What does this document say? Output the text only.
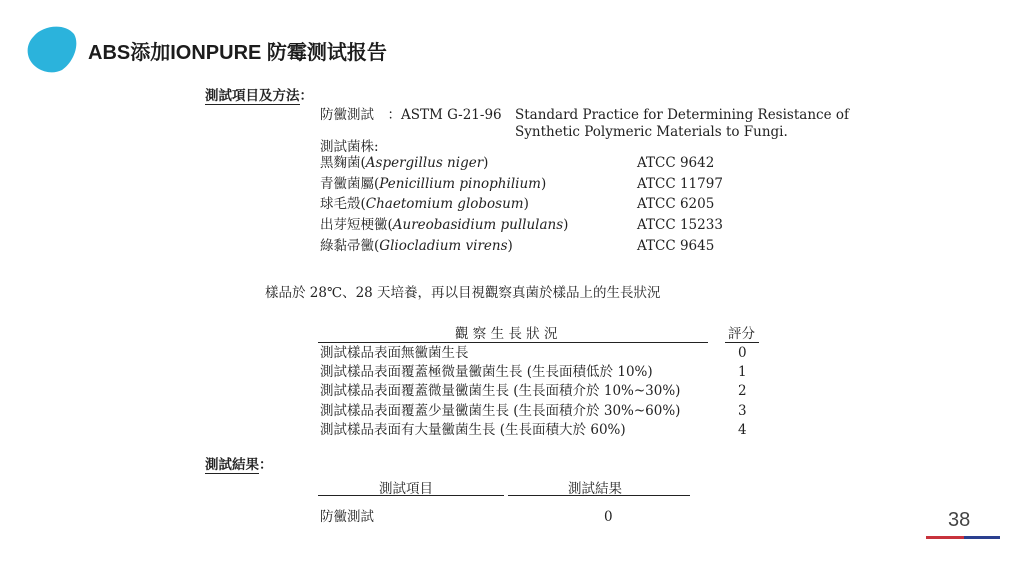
ABS添加IONPURE 防霉测试报告
測試項目及方法：
防黴測試　：ASTM G-21-96 Standard Practice for Determining Resistance of
Synthetic Polymeric Materials to Fungi.
測試菌株:
黑麴菌(Aspergillus niger)	ATCC 9642
青黴菌屬(Penicillium pinophilium)	ATCC 11797
球毛殼(Chaetomium globosum)	ATCC 6205
出芽短梗黴(Aureobasidium pullulans)	ATCC 15233
綠黏帚黴(Gliocladium virens)	ATCC 9645
樣品於 28℃、28 天培養，再以目視觀察真菌於樣品上的生長狀況
觀 察 生 長 狀 況	評分
測試樣品表面無黴菌生長	0
測試樣品表面覆蓋極微量黴菌生長 (生長面積低於 10%)	1
測試樣品表面覆蓋微量黴菌生長 (生長面積介於 10%~30%)	2
測試樣品表面覆蓋少量黴菌生長 (生長面積介於 30%~60%)	3
測試樣品表面有大量黴菌生長 (生長面積大於 60%)	4
測試結果：
測試項目	測試結果
防黴測試	0	38
